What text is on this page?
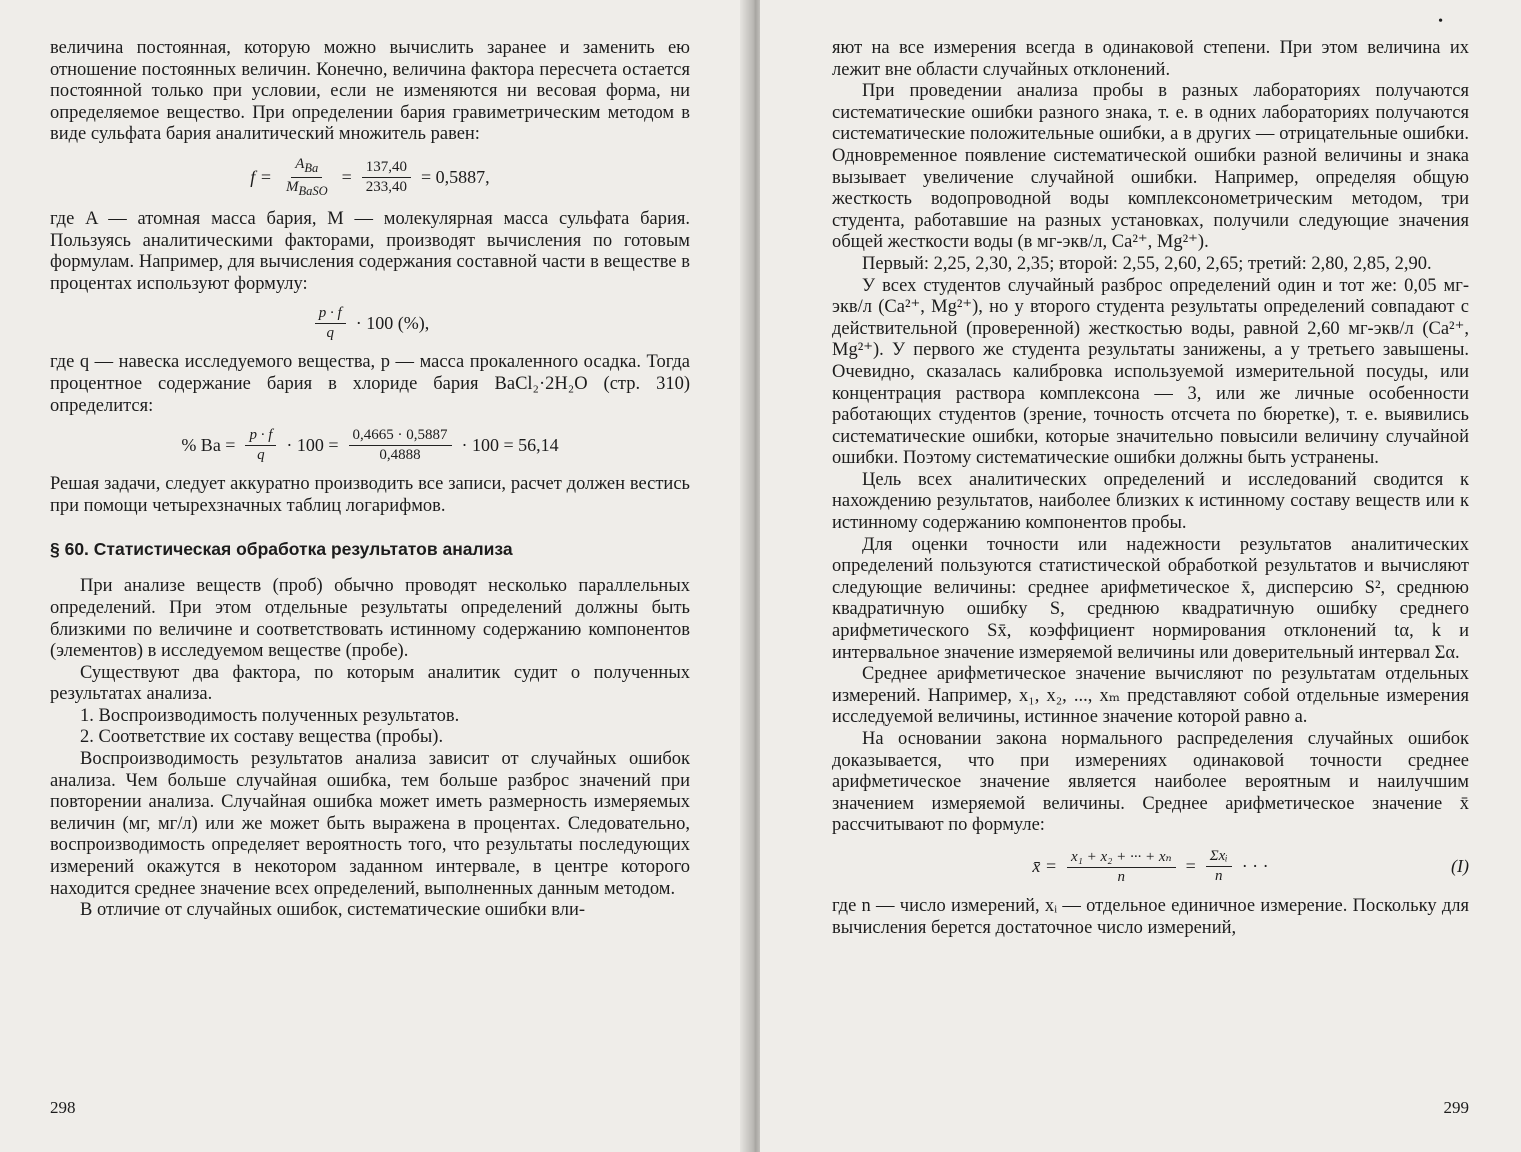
величина постоянная, которую можно вычислить заранее и заменить ею отношение постоянных величин. Конечно, величина фактора пересчета остается постоянной только при условии, если не изменяются ни весовая форма, ни определяемое вещество. При определении бария гравиметрическим методом в виде сульфата бария аналитический множитель равен:

$f = \frac{A_{Ba}}{M_{BaSO}} = \frac{137,40}{233,40} = 0,5887$,

где A — атомная масса бария, M — молекулярная масса сульфата бария. Пользуясь аналитическими факторами, производят вычисления по готовым формулам. Например, для вычисления содержания составной части в веществе в процентах используют формулу:

$\frac{p \cdot f}{q} \cdot 100$ (%),

где q — навеска исследуемого вещества, p — масса прокаленного осадка. Тогда процентное содержание бария в хлориде бария BaCl₂·2H₂O (стр. 310) определится:

% $Ba = \frac{p \cdot f}{q} \cdot 100 = \frac{0,4665 \cdot 0,5887}{0,4888} \cdot 100 = 56,14$

Решая задачи, следует аккуратно производить все записи, расчет должен вестись при помощи четырехзначных таблиц логарифмов.

§ 60. Статистическая обработка результатов анализа

При анализе веществ (проб) обычно проводят несколько параллельных определений. При этом отдельные результаты определений должны быть близкими по величине и соответствовать истинному содержанию компонентов (элементов) в исследуемом веществе (пробе).

Существуют два фактора, по которым аналитик судит о полученных результатах анализа.

1. Воспроизводимость полученных результатов.

2. Соответствие их составу вещества (пробы).

Воспроизводимость результатов анализа зависит от случайных ошибок анализа. Чем больше случайная ошибка, тем больше разброс значений при повторении анализа. Случайная ошибка может иметь размерность измеряемых величин (мг, мг/л) или же может быть выражена в процентах. Следовательно, воспроизводимость определяет вероятность того, что результаты последующих измерений окажутся в некотором заданном интервале, в центре которого находится среднее значение всех определений, выполненных данным методом.

В отличие от случайных ошибок, систематические ошибки вли-

298
•

яют на все измерения всегда в одинаковой степени. При этом величина их лежит вне области случайных отклонений.

При проведении анализа пробы в разных лабораториях получаются систематические ошибки разного знака, т. е. в одних лабораториях получаются систематические положительные ошибки, а в других — отрицательные ошибки. Одновременное появление систематической ошибки разной величины и знака вызывает увеличение случайной ошибки. Например, определяя общую жесткость водопроводной воды комплексонометрическим методом, три студента, работавшие на разных установках, получили следующие значения общей жесткости воды (в мг-экв/л, Ca²⁺, Mg²⁺).

Первый: 2,25, 2,30, 2,35; второй: 2,55, 2,60, 2,65; третий: 2,80, 2,85, 2,90.

У всех студентов случайный разброс определений один и тот же: 0,05 мг-экв/л (Ca²⁺, Mg²⁺), но у второго студента результаты определений совпадают с действительной (проверенной) жесткостью воды, равной 2,60 мг-экв/л (Ca²⁺, Mg²⁺). У первого же студента результаты занижены, а у третьего завышены. Очевидно, сказалась калибровка используемой измерительной посуды, или концентрация раствора комплексона — 3, или же личные особенности работающих студентов (зрение, точность отсчета по бюретке), т. е. выявились систематические ошибки, которые значительно повысили величину случайной ошибки. Поэтому систематические ошибки должны быть устранены.

Цель всех аналитических определений и исследований сводится к нахождению результатов, наиболее близких к истинному составу веществ или к истинному содержанию компонентов пробы.

Для оценки точности или надежности результатов аналитических определений пользуются статистической обработкой результатов и вычисляют следующие величины: среднее арифметическое x̄, дисперсию S², среднюю квадратичную ошибку S, среднюю квадратичную ошибку среднего арифметического Sx̄, коэффициент нормирования отклонений tα, k и интервальное значение измеряемой величины или доверительный интервал Σα.

Среднее арифметическое значение вычисляют по результатам отдельных измерений. Например, x₁, x₂, ..., xₘ представляют собой отдельные измерения исследуемой величины, истинное значение которой равно a.

На основании закона нормального распределения случайных ошибок доказывается, что при измерениях одинаковой точности среднее арифметическое значение является наиболее вероятным и наилучшим значением измеряемой величины. Среднее арифметическое значение x̄ рассчитывают по формуле:

x̄ = $\frac{\text{x₁ + x₂ + ··· + xₙ}}{n} = \frac{\text{Σxᵢ}}{n}$ · · ·	(I)

где n — число измерений, xᵢ — отдельное единичное измерение. Поскольку для вычисления берется достаточное число измерений,

299
